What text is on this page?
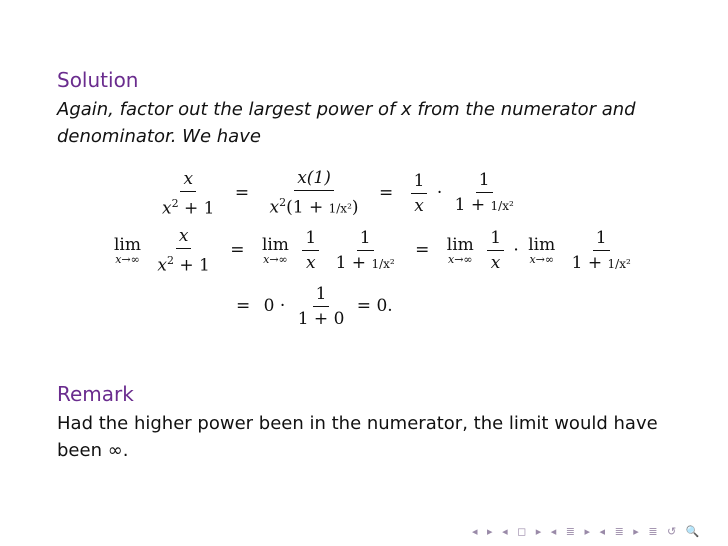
Solution
Again, factor out the largest power of x from the numerator and denominator. We have
$\frac{x}{x^2 + 1} = \frac{x(1)}{x^2(1 + 1/x^2)} = \frac{1}{x} \cdot \frac{1}{\text{1 + 1/x²}}$
lim
x→∞
$\frac{x}{x^2 + 1} = \lim$
x→∞
$\frac{1}{x}$
$\frac{1}{\text{1 + 1/x²}} = \lim$
x→∞
$\frac{1}{x} \cdot \lim$
x→∞
$\frac{1}{\text{1 + 1/x²}}$
= $0 \cdot \frac{1}{1 + 0} = 0$.
Remark
Had the higher power been in the numerator, the limit would have been ∞.
◂ ▸ ◂ ◻ ▸ ◂ ≣ ▸ ◂ ≣ ▸ ≣ ↺ 🔍
